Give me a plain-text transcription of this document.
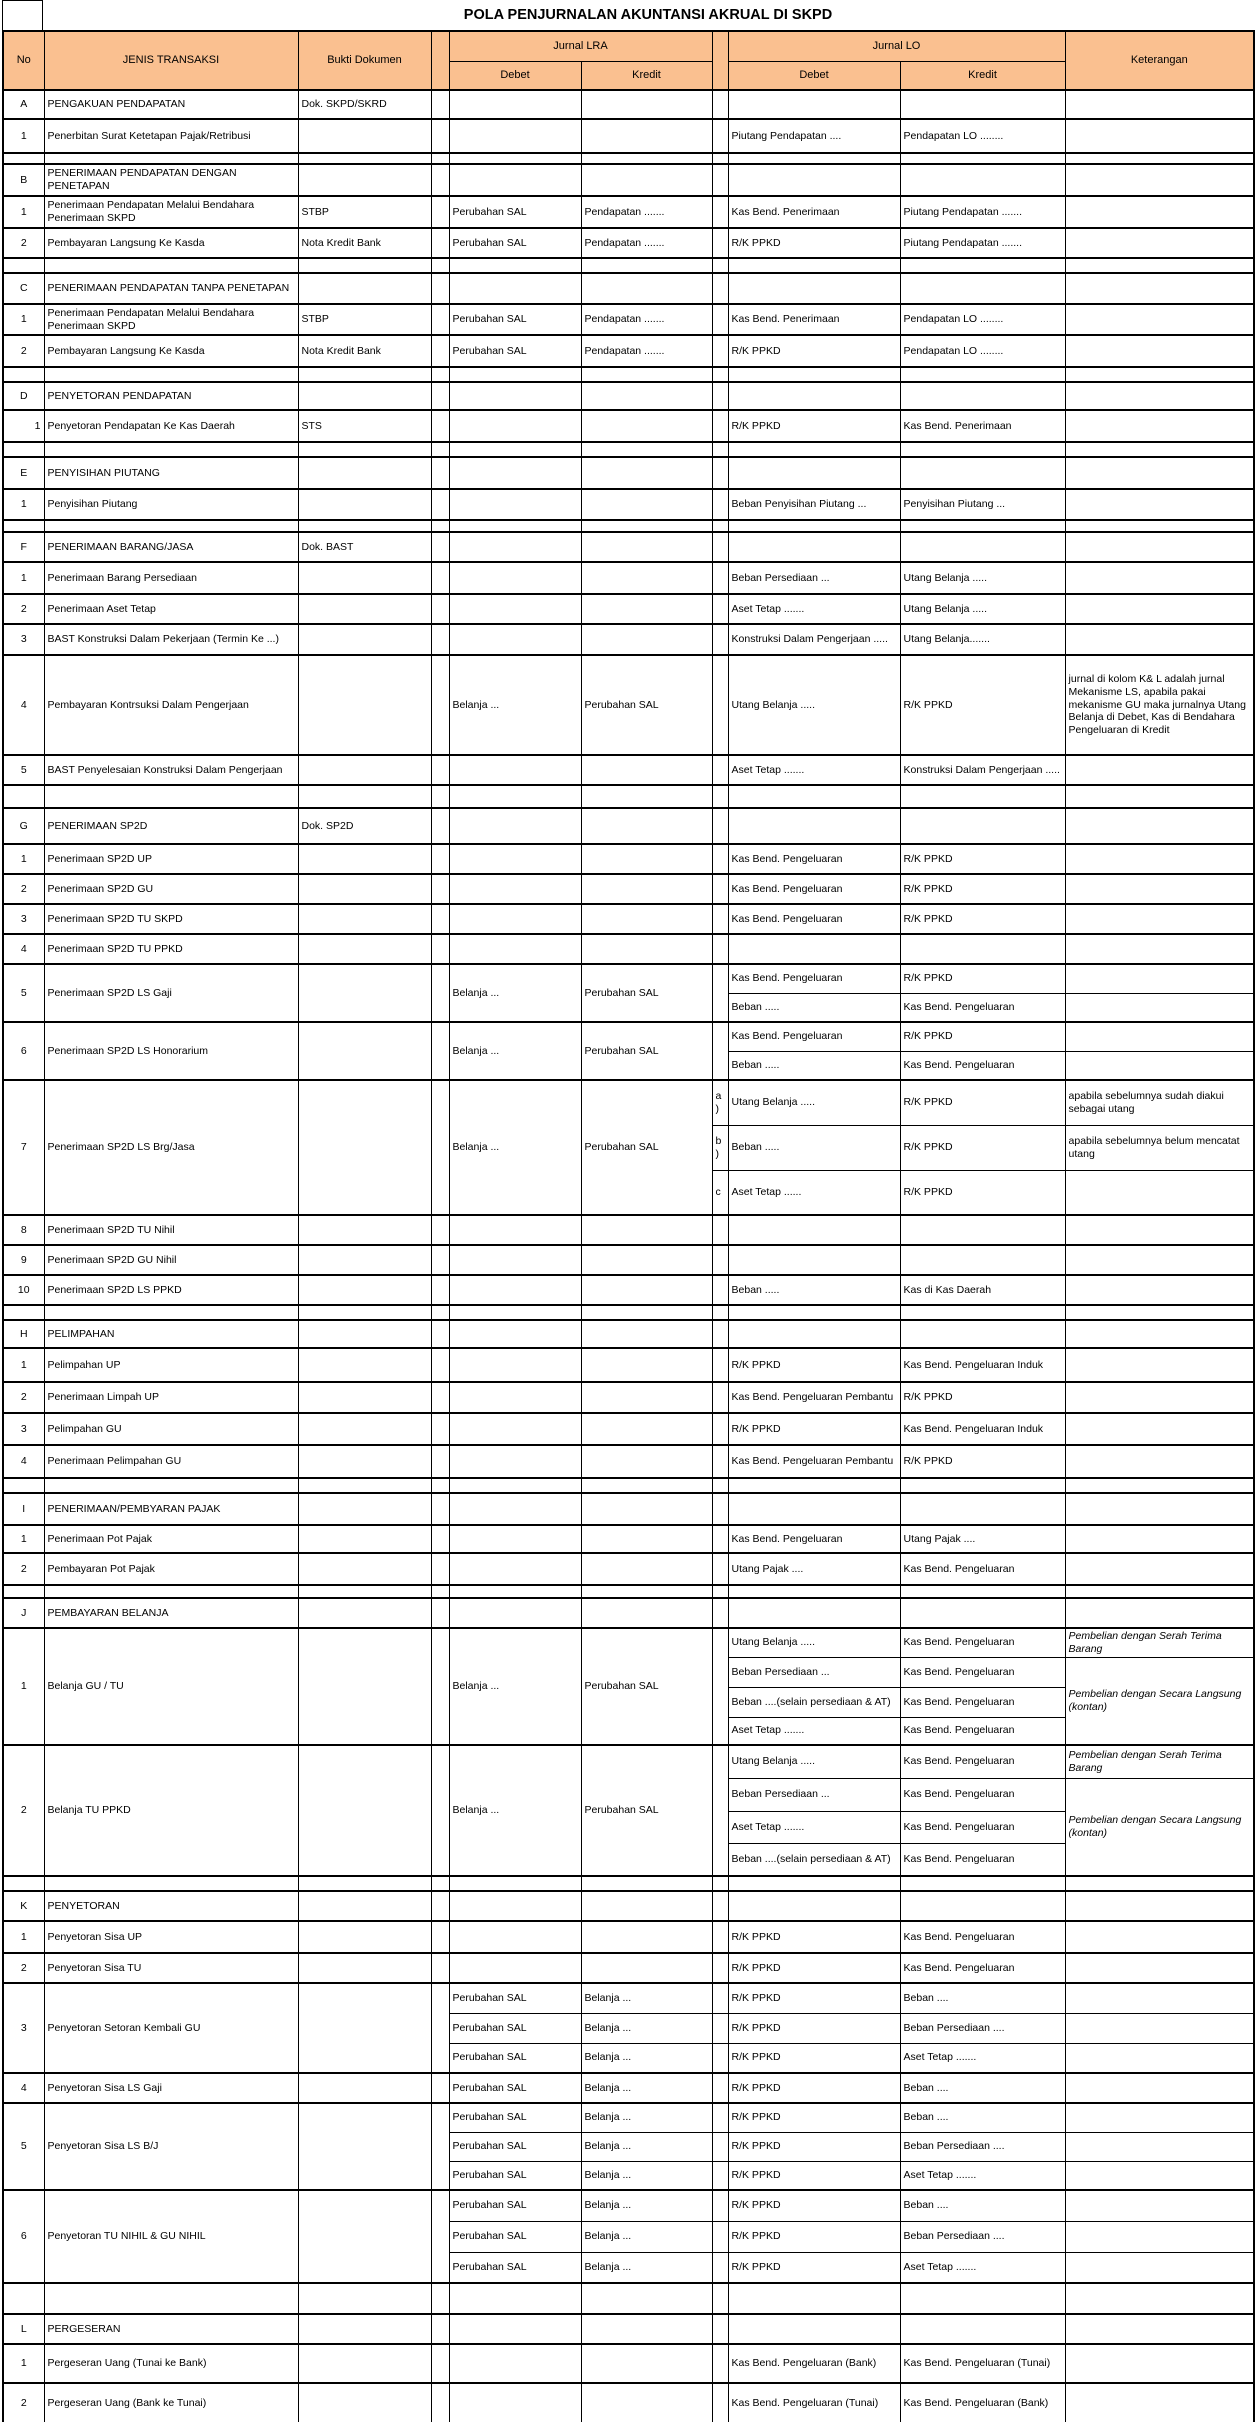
POLA PENJURNALAN AKUNTANSI AKRUAL DI SKPD
No	JENIS TRANSAKSI	Bukti Dokumen		Jurnal LRA			Jurnal LO		Keterangan
				Debet	Kredit		Debet	Kredit	
A	PENGAKUAN PENDAPATAN	Dok. SKPD/SKRD							
1	Penerbitan Surat Ketetapan Pajak/Retribusi						Piutang Pendapatan ....	Pendapatan LO ........	

B	PENERIMAAN PENDAPATAN DENGAN PENETAPAN								
1	Penerimaan Pendapatan Melalui Bendahara Penerimaan SKPD	STBP		Perubahan SAL	Pendapatan .......		Kas Bend. Penerimaan	Piutang Pendapatan .......	
2	Pembayaran Langsung Ke Kasda	Nota Kredit Bank		Perubahan SAL	Pendapatan .......		R/K PPKD	Piutang Pendapatan .......	

C	PENERIMAAN PENDAPATAN TANPA PENETAPAN								
1	Penerimaan Pendapatan Melalui Bendahara Penerimaan SKPD	STBP		Perubahan SAL	Pendapatan .......		Kas Bend. Penerimaan	Pendapatan LO ........	
2	Pembayaran Langsung Ke Kasda	Nota Kredit Bank		Perubahan SAL	Pendapatan .......		R/K PPKD	Pendapatan LO ........	

D	PENYETORAN PENDAPATAN								
1	Penyetoran Pendapatan Ke Kas Daerah	STS					R/K PPKD	Kas Bend. Penerimaan	

E	PENYISIHAN PIUTANG								
1	Penyisihan Piutang						Beban Penyisihan Piutang ...	Penyisihan Piutang ...	

F	PENERIMAAN BARANG/JASA	Dok. BAST							
1	Penerimaan Barang Persediaan						Beban Persediaan ...	Utang Belanja .....	
2	Penerimaan Aset Tetap						Aset Tetap .......	Utang Belanja .....	
3	BAST Konstruksi Dalam Pekerjaan (Termin Ke ...)						Konstruksi Dalam Pengerjaan .....	Utang Belanja.......	
4	Pembayaran Kontrsuksi Dalam Pengerjaan			Belanja ...	Perubahan SAL		Utang Belanja .....	R/K PPKD	jurnal di kolom K& L adalah jurnal Mekanisme LS, apabila pakai mekanisme GU maka jurnalnya Utang Belanja di Debet, Kas di Bendahara Pengeluaran di Kredit
5	BAST Penyelesaian Konstruksi Dalam Pengerjaan						Aset Tetap .......	Konstruksi Dalam Pengerjaan .....	

G	PENERIMAAN SP2D	Dok. SP2D							
1	Penerimaan SP2D UP						Kas Bend. Pengeluaran	R/K PPKD	
2	Penerimaan SP2D GU						Kas Bend. Pengeluaran	R/K PPKD	
3	Penerimaan SP2D TU SKPD						Kas Bend. Pengeluaran	R/K PPKD	
4	Penerimaan SP2D TU PPKD								
5	Penerimaan SP2D LS Gaji			Belanja ...	Perubahan SAL		Kas Bend. Pengeluaran	R/K PPKD	
							Beban .....	Kas Bend. Pengeluaran	
6	Penerimaan SP2D LS Honorarium			Belanja ...	Perubahan SAL		Kas Bend. Pengeluaran	R/K PPKD	
							Beban .....	Kas Bend. Pengeluaran	
7	Penerimaan SP2D LS Brg/Jasa			Belanja ...	Perubahan SAL	a)	Utang Belanja .....	R/K PPKD	apabila sebelumnya sudah diakui sebagai utang
						b)	Beban .....	R/K PPKD	apabila sebelumnya belum mencatat utang
						c	Aset Tetap ......	R/K PPKD	
8	Penerimaan SP2D TU Nihil								
9	Penerimaan SP2D GU Nihil								
10	Penerimaan SP2D LS PPKD						Beban .....	Kas di Kas Daerah	

H	PELIMPAHAN								
1	Pelimpahan UP						R/K PPKD	Kas Bend. Pengeluaran Induk	
2	Penerimaan Limpah UP						Kas Bend. Pengeluaran Pembantu	R/K PPKD	
3	Pelimpahan GU						R/K PPKD	Kas Bend. Pengeluaran Induk	
4	Penerimaan Pelimpahan GU						Kas Bend. Pengeluaran Pembantu	R/K PPKD	

I	PENERIMAAN/PEMBYARAN PAJAK								
1	Penerimaan Pot Pajak						Kas Bend. Pengeluaran	Utang Pajak ....	
2	Pembayaran Pot Pajak						Utang Pajak ....	Kas Bend. Pengeluaran	

J	PEMBAYARAN BELANJA								
1	Belanja GU / TU			Belanja ...	Perubahan SAL		Utang Belanja .....	Kas Bend. Pengeluaran	Pembelian dengan Serah Terima Barang
							Beban Persediaan ...	Kas Bend. Pengeluaran	Pembelian dengan Secara Langsung (kontan)
							Beban ....(selain persediaan & AT)	Kas Bend. Pengeluaran	
							Aset Tetap .......	Kas Bend. Pengeluaran	
2	Belanja TU PPKD			Belanja ...	Perubahan SAL		Utang Belanja .....	Kas Bend. Pengeluaran	Pembelian dengan Serah Terima Barang
							Beban Persediaan ...	Kas Bend. Pengeluaran	Pembelian dengan Secara Langsung (kontan)
							Aset Tetap .......	Kas Bend. Pengeluaran	
							Beban ....(selain persediaan & AT)	Kas Bend. Pengeluaran	

K	PENYETORAN								
1	Penyetoran Sisa UP						R/K PPKD	Kas Bend. Pengeluaran	
2	Penyetoran Sisa TU						R/K PPKD	Kas Bend. Pengeluaran	
3	Penyetoran Setoran Kembali GU			Perubahan SAL	Belanja ...		R/K PPKD	Beban ....	
				Perubahan SAL	Belanja ...		R/K PPKD	Beban Persediaan ....	
				Perubahan SAL	Belanja ...		R/K PPKD	Aset Tetap .......	
4	Penyetoran Sisa LS Gaji			Perubahan SAL	Belanja ...		R/K PPKD	Beban ....	
5	Penyetoran Sisa LS B/J			Perubahan SAL	Belanja ...		R/K PPKD	Beban ....	
				Perubahan SAL	Belanja ...		R/K PPKD	Beban Persediaan ....	
				Perubahan SAL	Belanja ...		R/K PPKD	Aset Tetap .......	
6	Penyetoran TU NIHIL & GU NIHIL			Perubahan SAL	Belanja ...		R/K PPKD	Beban ....	
				Perubahan SAL	Belanja ...		R/K PPKD	Beban Persediaan ....	
				Perubahan SAL	Belanja ...		R/K PPKD	Aset Tetap .......	

L	PERGESERAN								
1	Pergeseran Uang (Tunai ke Bank)						Kas Bend. Pengeluaran (Bank)	Kas Bend. Pengeluaran (Tunai)	
2	Pergeseran Uang (Bank ke Tunai)						Kas Bend. Pengeluaran (Tunai)	Kas Bend. Pengeluaran (Bank)	
